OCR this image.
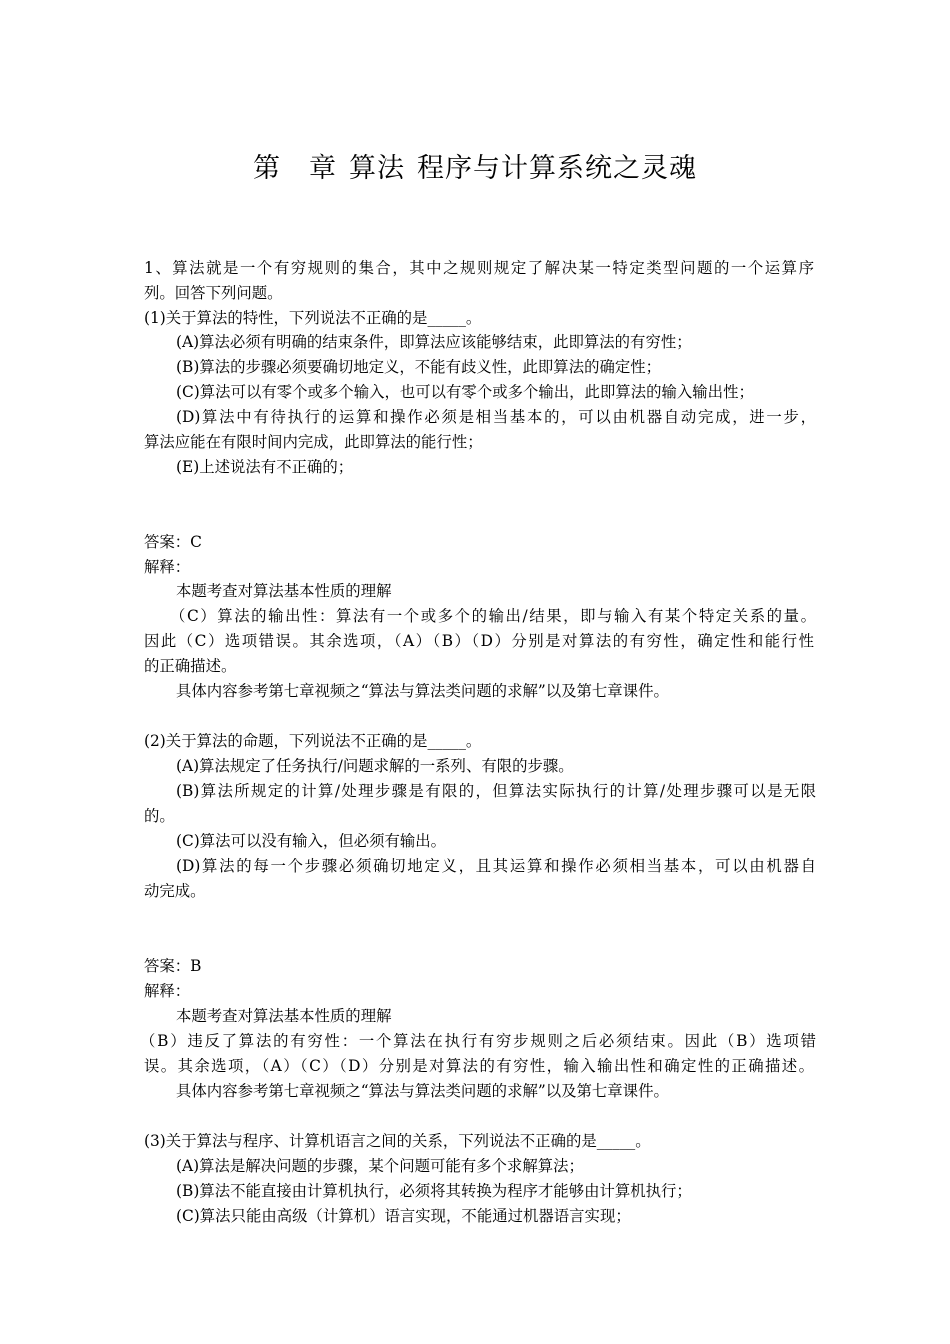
第 章 算法 程序与计算系统之灵魂
1、算法就是一个有穷规则的集合，其中之规则规定了解决某一特定类型问题的一个运算序
列。回答下列问题。
(1)关于算法的特性，下列说法不正确的是_____。
(A)算法必须有明确的结束条件，即算法应该能够结束，此即算法的有穷性；
(B)算法的步骤必须要确切地定义，不能有歧义性，此即算法的确定性；
(C)算法可以有零个或多个输入，也可以有零个或多个输出，此即算法的输入输出性；
(D)算法中有待执行的运算和操作必须是相当基本的，可以由机器自动完成，进一步，
算法应能在有限时间内完成，此即算法的能行性；
(E)上述说法有不正确的；
答案：C
解释：
本题考查对算法基本性质的理解
（C）算法的输出性：算法有一个或多个的输出/结果，即与输入有某个特定关系的量。
因此（C）选项错误。其余选项，（A）（B）（D）分别是对算法的有穷性，确定性和能行性
的正确描述。
具体内容参考第七章视频之“算法与算法类问题的求解”以及第七章课件。
(2)关于算法的命题，下列说法不正确的是_____。
(A)算法规定了任务执行/问题求解的一系列、有限的步骤。
(B)算法所规定的计算/处理步骤是有限的，但算法实际执行的计算/处理步骤可以是无限
的。
(C)算法可以没有输入，但必须有输出。
(D)算法的每一个步骤必须确切地定义，且其运算和操作必须相当基本，可以由机器自
动完成。
答案：B
解释：
本题考查对算法基本性质的理解
（B）违反了算法的有穷性：一个算法在执行有穷步规则之后必须结束。因此（B）选项错
误。其余选项，（A）（C）（D）分别是对算法的有穷性，输入输出性和确定性的正确描述。
具体内容参考第七章视频之“算法与算法类问题的求解”以及第七章课件。
(3)关于算法与程序、计算机语言之间的关系，下列说法不正确的是_____。
(A)算法是解决问题的步骤，某个问题可能有多个求解算法；
(B)算法不能直接由计算机执行，必须将其转换为程序才能够由计算机执行；
(C)算法只能由高级（计算机）语言实现，不能通过机器语言实现；
